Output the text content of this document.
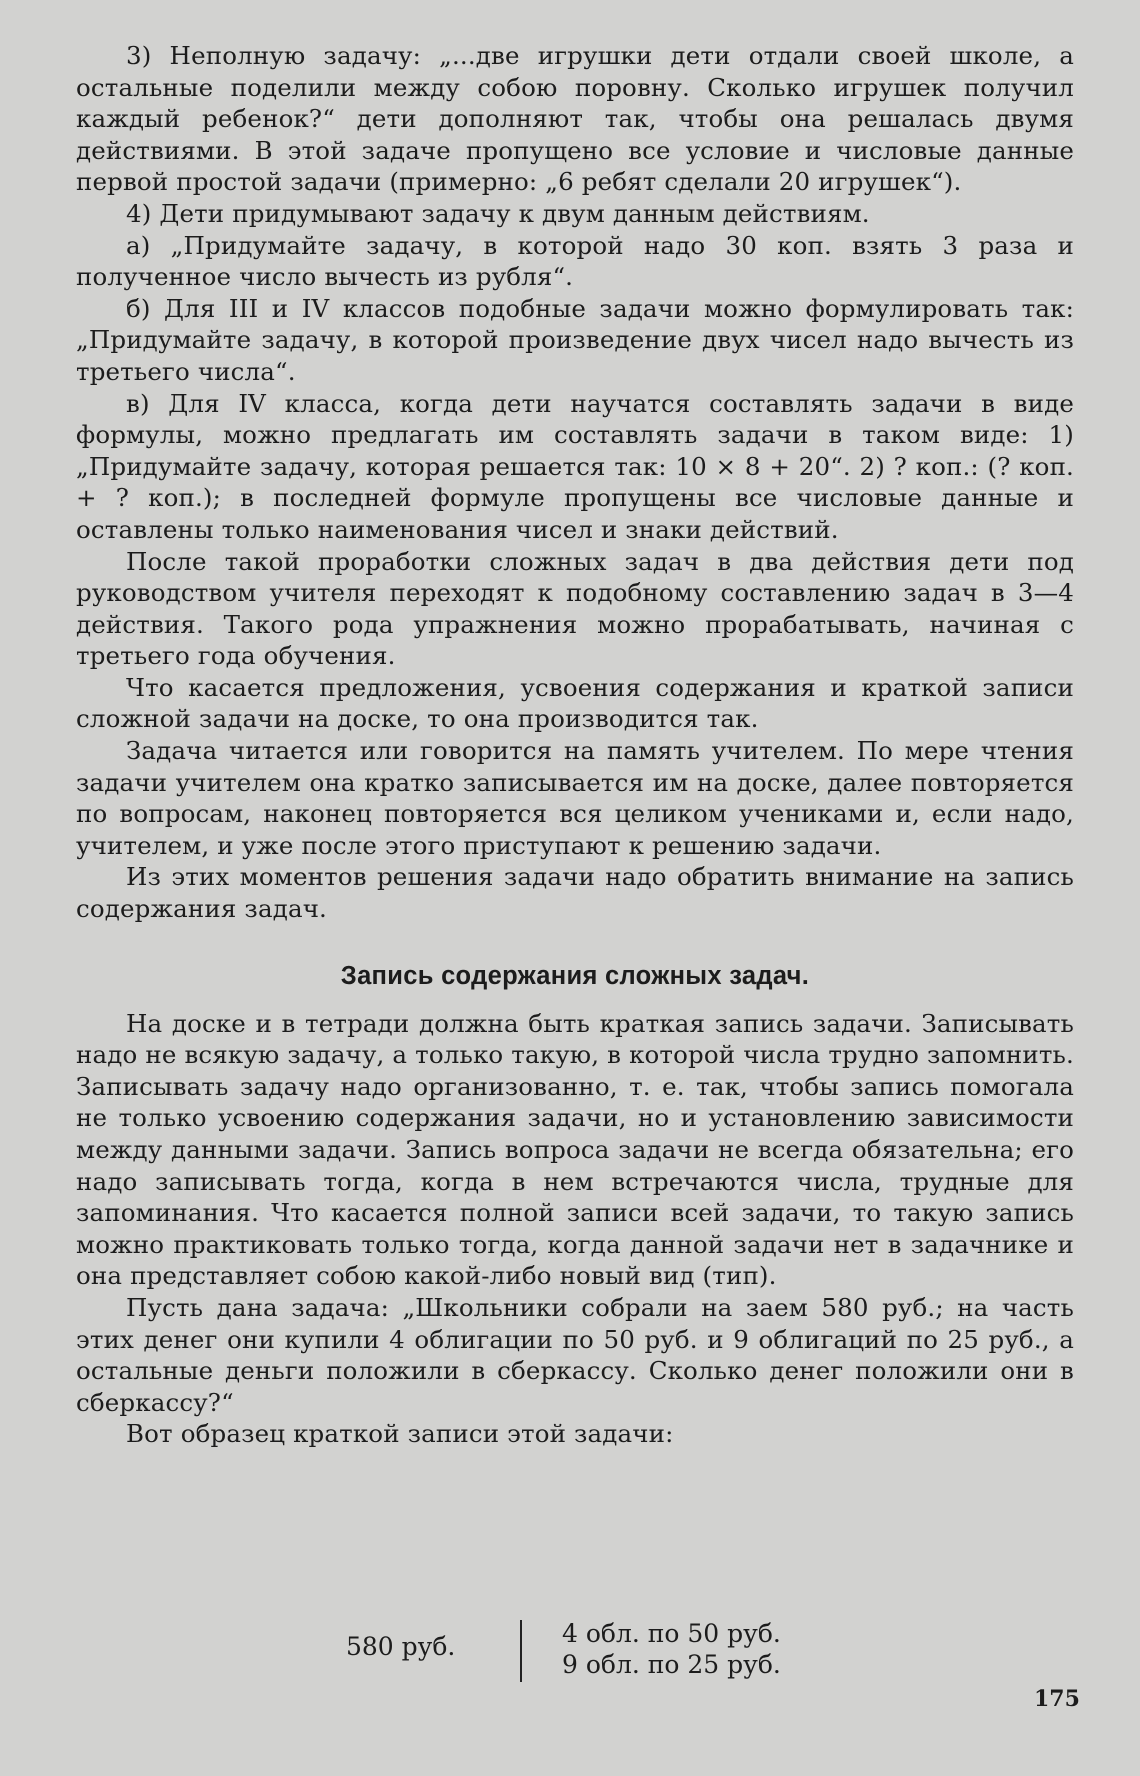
3) Неполную задачу: „...две игрушки дети отдали своей школе, а остальные поделили между собою поровну. Сколько игрушек получил каждый ребенок?“ дети дополняют так, чтобы она решалась двумя действиями. В этой задаче пропущено все условие и числовые данные первой простой задачи (примерно: „6 ребят сделали 20 игрушек“).

4) Дети придумывают задачу к двум данным действиям.

а) „Придумайте задачу, в которой надо 30 коп. взять 3 раза и полученное число вычесть из рубля“.

б) Для III и IV классов подобные задачи можно формулировать так: „Придумайте задачу, в которой произведение двух чисел надо вычесть из третьего числа“.

в) Для IV класса, когда дети научатся составлять задачи в виде формулы, можно предлагать им составлять задачи в таком виде: 1) „Придумайте задачу, которая решается так: 10 × 8 + 20“. 2) ? коп.: (? коп. + ? коп.); в последней формуле пропущены все числовые данные и оставлены только наименования чисел и знаки действий.

После такой проработки сложных задач в два действия дети под руководством учителя переходят к подобному составлению задач в 3—4 действия. Такого рода упражнения можно прорабатывать, начиная с третьего года обучения.

Что касается предложения, усвоения содержания и краткой записи сложной задачи на доске, то она производится так.

Задача читается или говорится на память учителем. По мере чтения задачи учителем она кратко записывается им на доске, далее повторяется по вопросам, наконец повторяется вся целиком учениками и, если надо, учителем, и уже после этого приступают к решению задачи.

Из этих моментов решения задачи надо обратить внимание на запись содержания задач.

Запись содержания сложных задач.

На доске и в тетради должна быть краткая запись задачи. Записывать надо не всякую задачу, а только такую, в которой числа трудно запомнить. Записывать задачу надо организованно, т. е. так, чтобы запись помогала не только усвоению содержания задачи, но и установлению зависимости между данными задачи. Запись вопроса задачи не всегда обязательна; его надо записывать тогда, когда в нем встречаются числа, трудные для запоминания. Что касается полной записи всей задачи, то такую запись можно практиковать только тогда, когда данной задачи нет в задачнике и она представляет собою какой-либо новый вид (тип).

Пусть дана задача: „Школьники собрали на заем 580 руб.; на часть этих денег они купили 4 облигации по 50 руб. и 9 облигаций по 25 руб., а остальные деньги положили в сберкассу. Сколько денег положили они в сберкассу?“

Вот образец краткой записи этой задачи:

580 руб.	4 обл. по 50 руб.
9 обл. по 25 руб.
175
